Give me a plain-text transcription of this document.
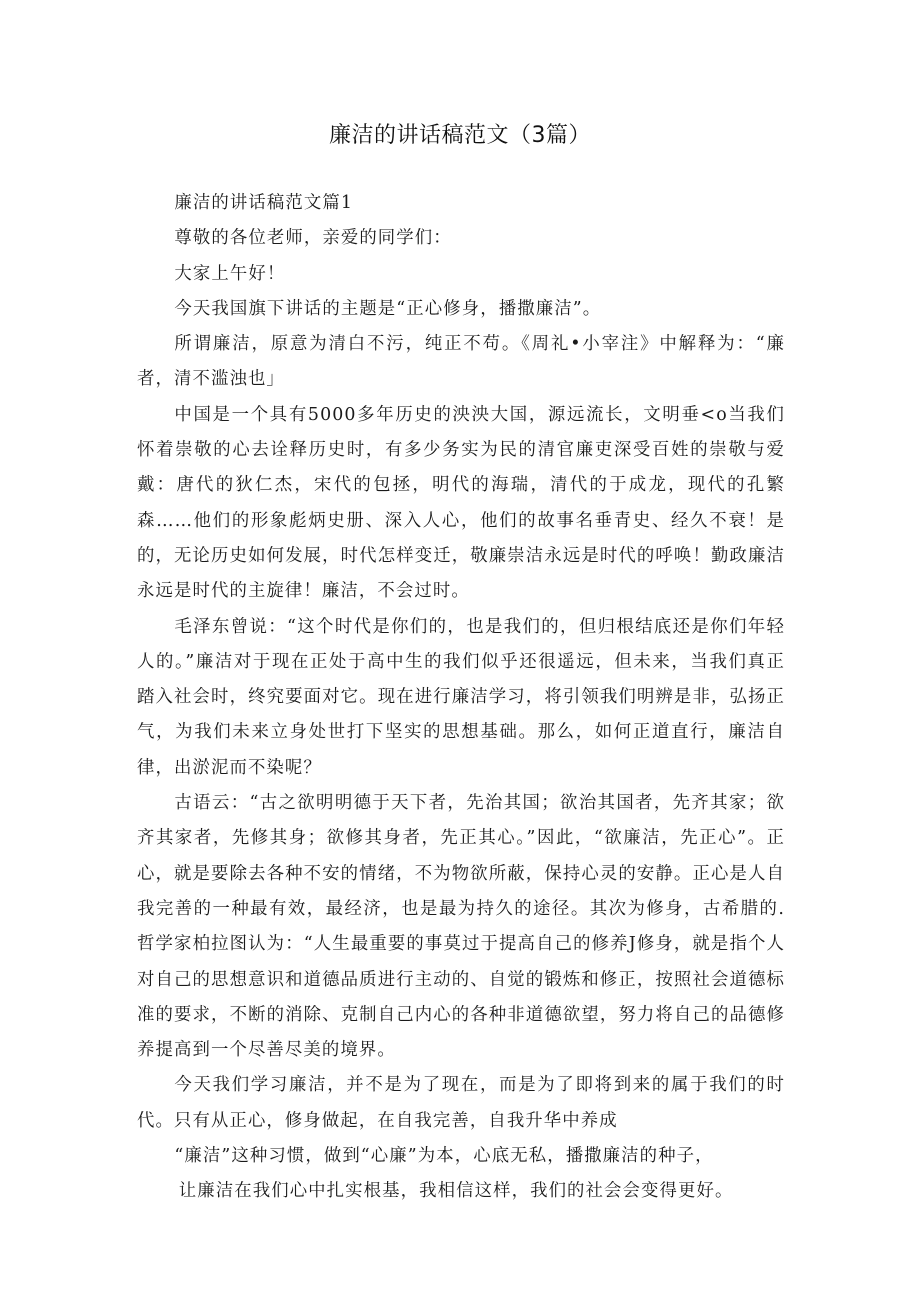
廉洁的讲话稿范文（3篇）

廉洁的讲话稿范文篇1

尊敬的各位老师，亲爱的同学们：

大家上午好！

今天我国旗下讲话的主题是“正心修身，播撒廉洁”。

所谓廉洁，原意为清白不污，纯正不苟。《周礼•小宰注》中解释为：“廉者，清不滥浊也」

中国是一个具有5000多年历史的泱泱大国，源远流长，文明垂<o当我们怀着崇敬的心去诠释历史时，有多少务实为民的清官廉吏深受百姓的崇敬与爱戴：唐代的狄仁杰，宋代的包拯，明代的海瑞，清代的于成龙，现代的孔繁森……他们的形象彪炳史册、深入人心，他们的故事名垂青史、经久不衰！是的，无论历史如何发展，时代怎样变迁，敬廉崇洁永远是时代的呼唤！勤政廉洁永远是时代的主旋律！廉洁，不会过时。

毛泽东曾说：“这个时代是你们的，也是我们的，但归根结底还是你们年轻人的。”廉洁对于现在正处于高中生的我们似乎还很遥远，但未来，当我们真正踏入社会时，终究要面对它。现在进行廉洁学习，将引领我们明辨是非，弘扬正气，为我们未来立身处世打下坚实的思想基础。那么，如何正道直行，廉洁自律，出淤泥而不染呢？

古语云：“古之欲明明德于天下者，先治其国；欲治其国者，先齐其家；欲齐其家者，先修其身；欲修其身者，先正其心。”因此，“欲廉洁，先正心”。正心，就是要除去各种不安的情绪，不为物欲所蔽，保持心灵的安静。正心是人自我完善的一种最有效，最经济，也是最为持久的途径。其次为修身，古希腊的.哲学家柏拉图认为：“人生最重要的事莫过于提高自己的修养J修身，就是指个人对自己的思想意识和道德品质进行主动的、自觉的锻炼和修正，按照社会道德标准的要求，不断的消除、克制自己内心的各种非道德欲望，努力将自己的品德修养提高到一个尽善尽美的境界。

今天我们学习廉洁，并不是为了现在，而是为了即将到来的属于我们的时代。只有从正心，修身做起，在自我完善，自我升华中养成

“廉洁”这种习惯，做到“心廉”为本，心底无私，播撒廉洁的种子，

让廉洁在我们心中扎实根基，我相信这样，我们的社会会变得更好。
